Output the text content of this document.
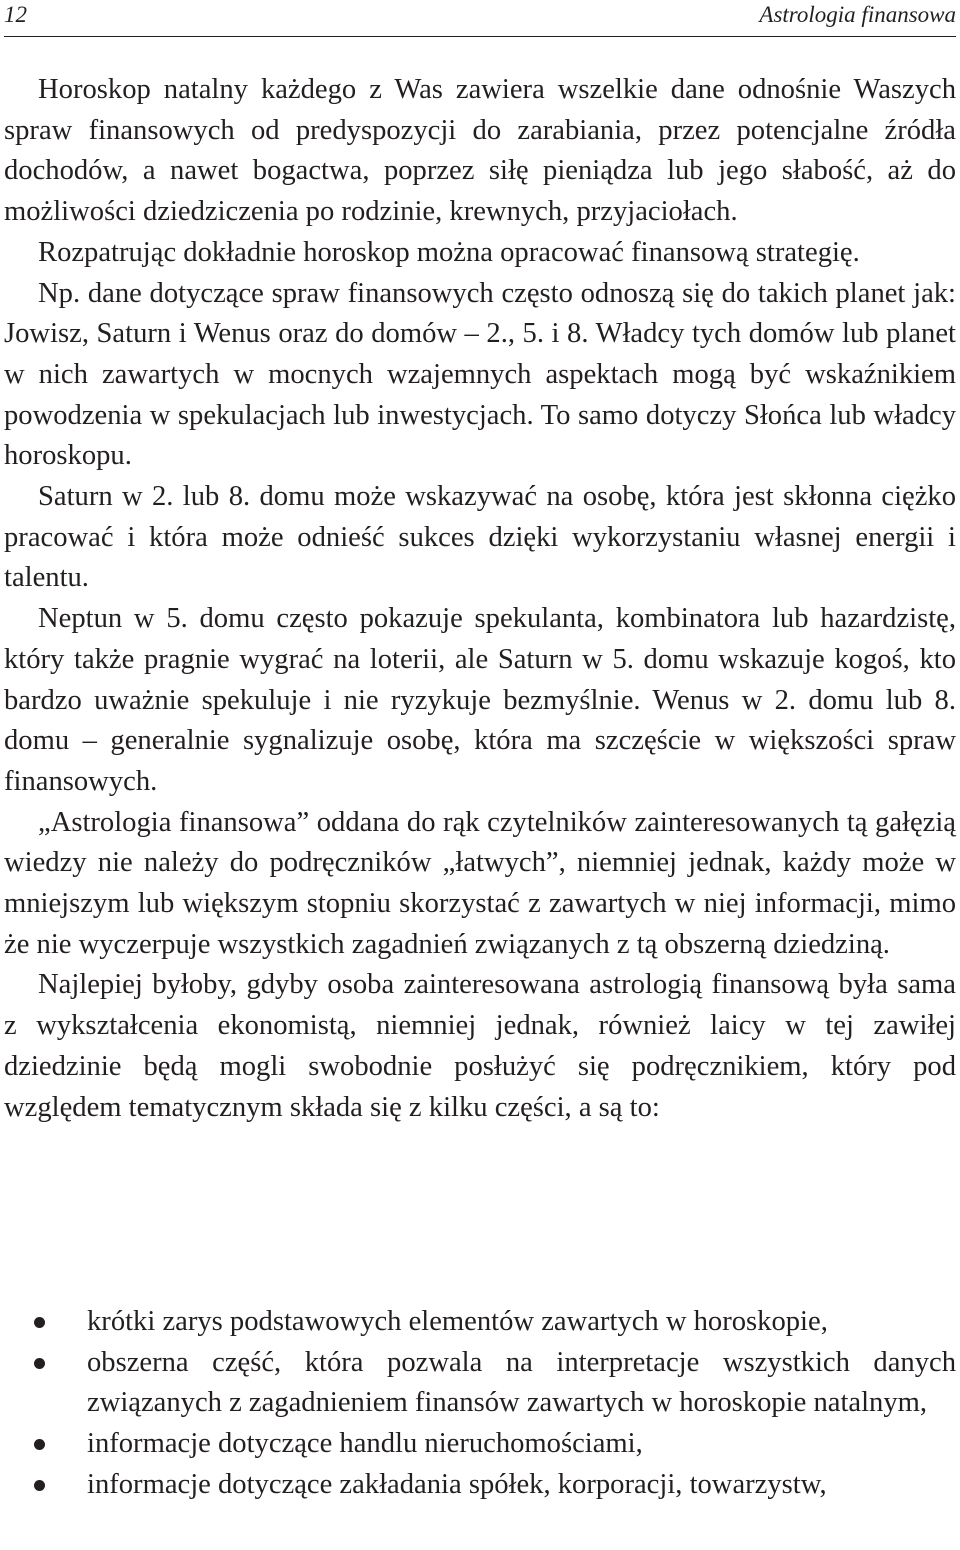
12	Astrologia finansowa

Horoskop natalny każdego z Was zawiera wszelkie dane odnośnie Waszych spraw finansowych od predyspozycji do zarabiania, przez potencjalne źródła dochodów, a nawet bogactwa, poprzez siłę pieniądza lub jego słabość, aż do możliwości dziedziczenia po rodzinie, krewnych, przyjaciołach.

Rozpatrując dokładnie horoskop można opracować finansową strategię.

Np. dane dotyczące spraw finansowych często odnoszą się do takich planet jak: Jowisz, Saturn i Wenus oraz do domów – 2., 5. i 8. Władcy tych domów lub planet w nich zawartych w mocnych wzajemnych aspektach mogą być wskaźnikiem powodzenia w spekulacjach lub inwestycjach. To samo dotyczy Słońca lub władcy horoskopu.

Saturn w 2. lub 8. domu może wskazywać na osobę, która jest skłonna ciężko pracować i która może odnieść sukces dzięki wykorzystaniu własnej energii i talentu.

Neptun w 5. domu często pokazuje spekulanta, kombinatora lub hazardzistę, który także pragnie wygrać na loterii, ale Saturn w 5. domu wskazuje kogoś, kto bardzo uważnie spekuluje i nie ryzykuje bezmyślnie. Wenus w 2. domu lub 8. domu – generalnie sygnalizuje osobę, która ma szczęście w większości spraw finansowych.

„Astrologia finansowa” oddana do rąk czytelników zainteresowanych tą gałęzią wiedzy nie należy do podręczników „łatwych”, niemniej jednak, każdy może w mniejszym lub większym stopniu skorzystać z zawartych w niej informacji, mimo że nie wyczerpuje wszystkich zagadnień związanych z tą obszerną dziedziną.

Najlepiej byłoby, gdyby osoba zainteresowana astrologią finansową była sama z wykształcenia ekonomistą, niemniej jednak, również laicy w tej zawiłej dziedzinie będą mogli swobodnie posłużyć się podręcznikiem, który pod względem tematycznym składa się z kilku części, a są to:

krótki zarys podstawowych elementów zawartych w horoskopie,
obszerna część, która pozwala na interpretacje wszystkich danych związanych z zagadnieniem finansów zawartych w horoskopie natalnym,
informacje dotyczące handlu nieruchomościami,
informacje dotyczące zakładania spółek, korporacji, towarzystw,
